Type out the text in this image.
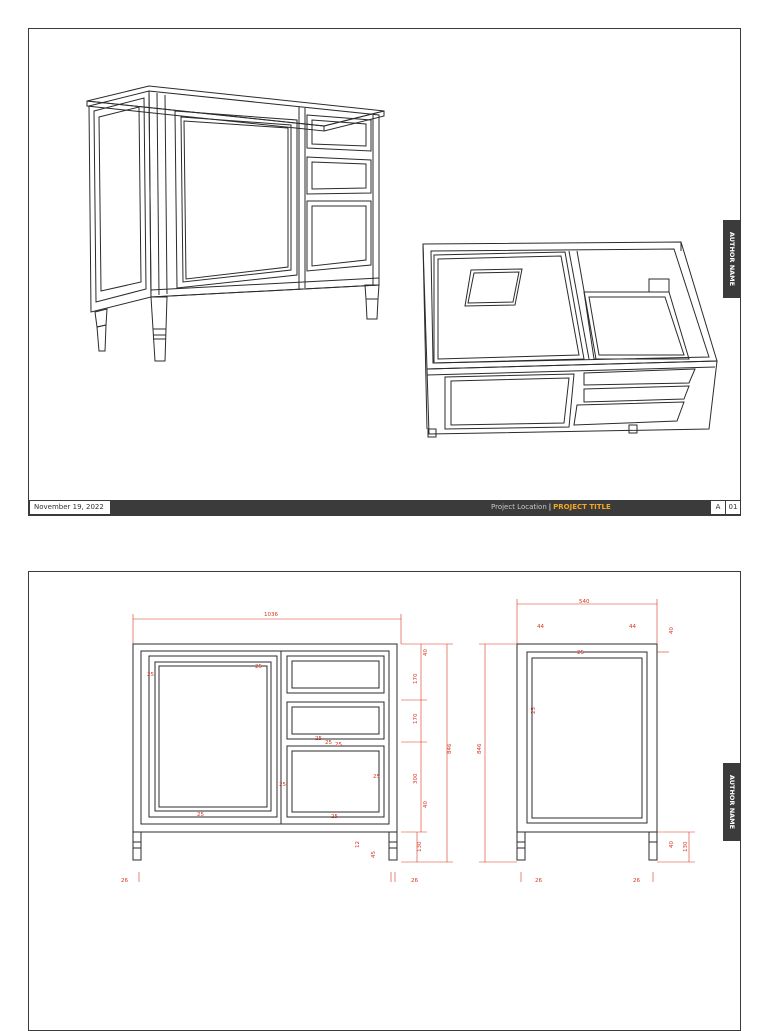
AUTHOR NAME
November 19, 2022	Project Location | PROJECT TITLE	A	01
1036
846
40
170
170
300
40
130
12
45
26	26
25
25
25
25
25
25 25
25
25
540
846
44	44	40
25
25
40 130
26	26
AUTHOR NAME
